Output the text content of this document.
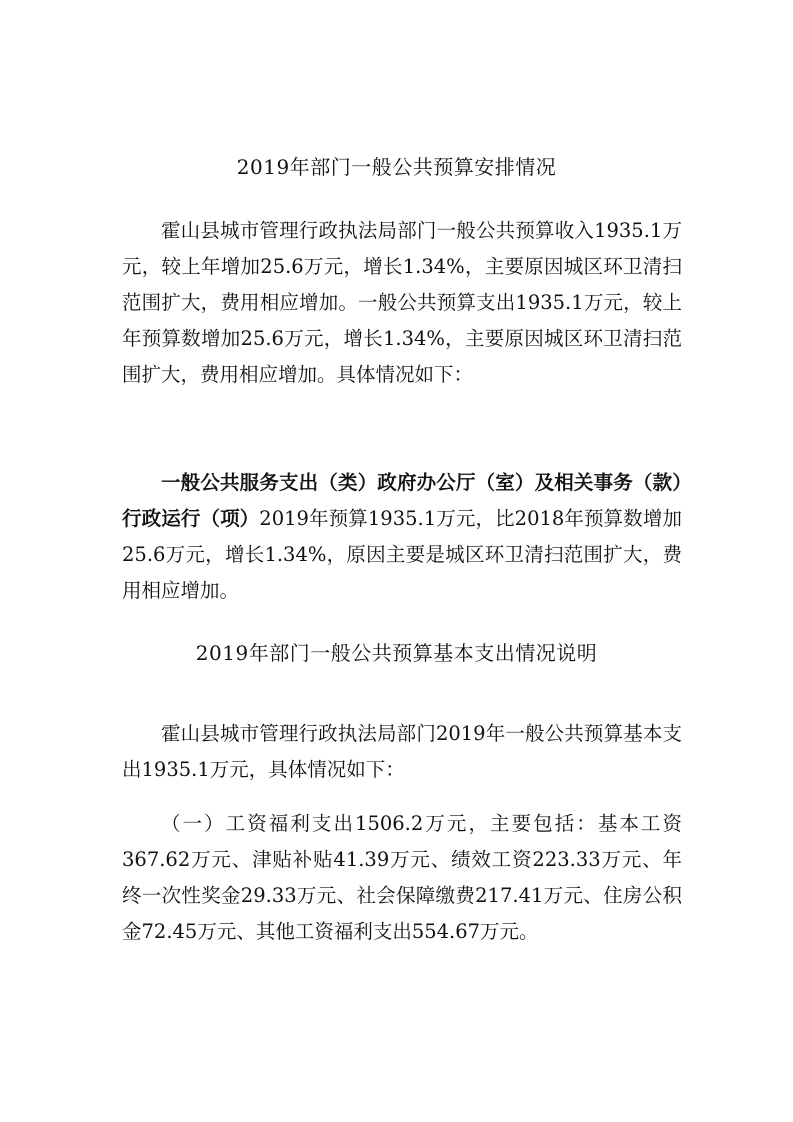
2019年部门一般公共预算安排情况

霍山县城市管理行政执法局部门一般公共预算收入1935.1万元，较上年增加25.6万元，增长1.34%，主要原因城区环卫清扫范围扩大，费用相应增加。一般公共预算支出1935.1万元，较上年预算数增加25.6万元，增长1.34%，主要原因城区环卫清扫范围扩大，费用相应增加。具体情况如下：

一般公共服务支出（类）政府办公厅（室）及相关事务（款）行政运行（项）2019年预算1935.1万元，比2018年预算数增加25.6万元，增长1.34%，原因主要是城区环卫清扫范围扩大，费用相应增加。

2019年部门一般公共预算基本支出情况说明

霍山县城市管理行政执法局部门2019年一般公共预算基本支出1935.1万元，具体情况如下：

（一）工资福利支出1506.2万元，主要包括：基本工资367.62万元、津贴补贴41.39万元、绩效工资223.33万元、年终一次性奖金29.33万元、社会保障缴费217.41万元、住房公积金72.45万元、其他工资福利支出554.67万元。
